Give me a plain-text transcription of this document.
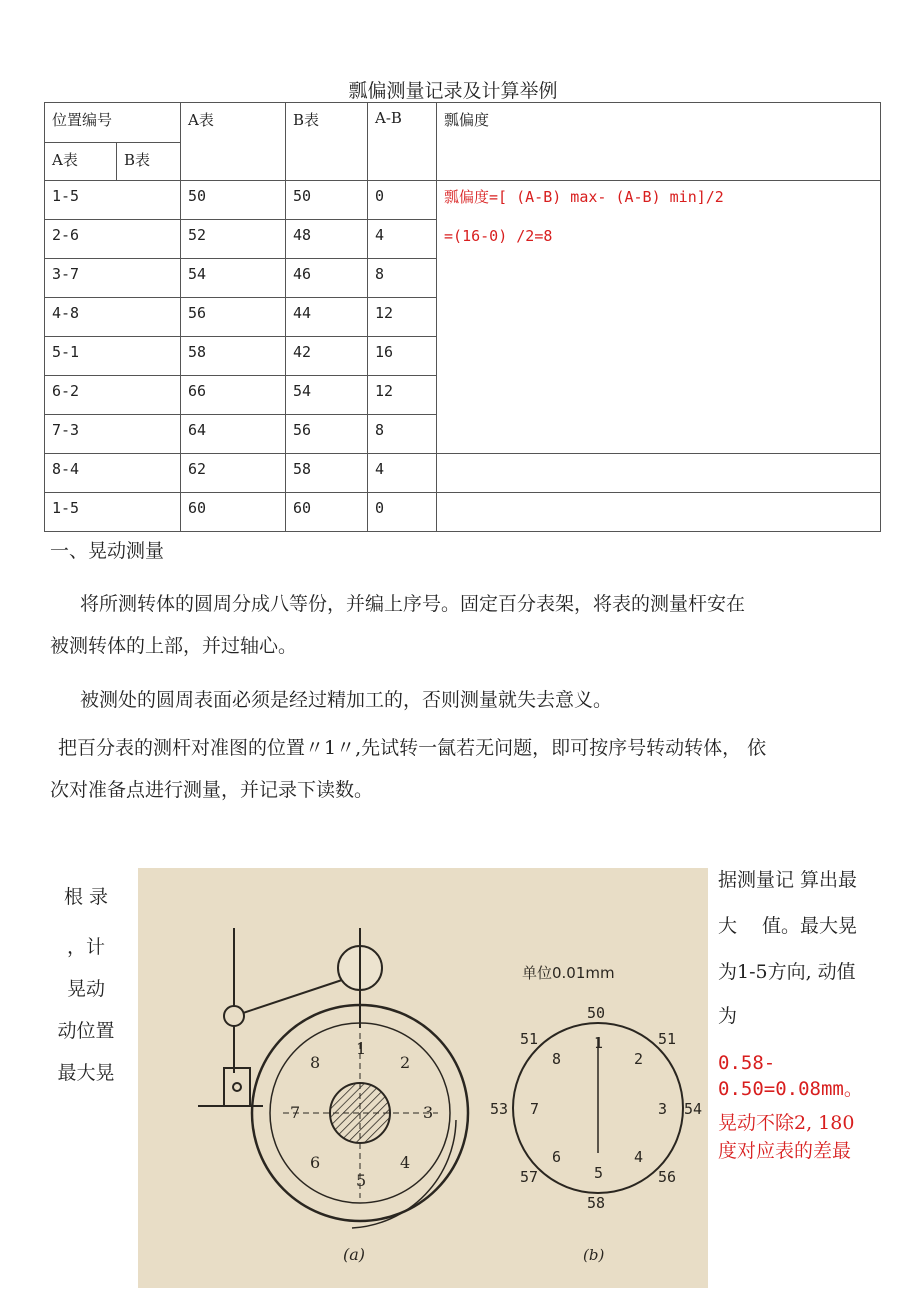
瓢偏测量记录及计算举例
位置编号		A表	B表	A-B	瓢偏度
A表	B表				
1-5		50	50	0	瓢偏度=[ (A-B) max- (A-B) min]/2
=(16-0) /2=8

2-6		52	48	4	
3-7		54	46	8	
4-8		56	44	12	
5-1		58	42	16	
6-2		66	54	12	
7-3		64	56	8	
8-4		62	58	4	
1-5		60	60	0	
一、晃动测量
将所测转体的圆周分成八等份，并编上序号。固定百分表架，将表的测量杆安在
被测转体的上部，并过轴心。
被测处的圆周表面必须是经过精加工的，否则测量就失去意义。
把百分表的测杆对准图的位置〃1〃,先试转一氤若无问题，即可按序号转动转体， 依
次对准备点进行测量，并记录下读数。
根 录
，计
晃动
动位置
最大晃
据测量记 算出最
大　 值。最大晃
为1-5方向, 动值
为
0.58-
0.50=0.08mm。
晃动不除2, 180
度对应表的差最
1
2
3
4
5
6
7
8
(a)
单位0.01mm
1
2
3
4
5
6
7
8
50
51
54
56
58
57
53
51
(b)
